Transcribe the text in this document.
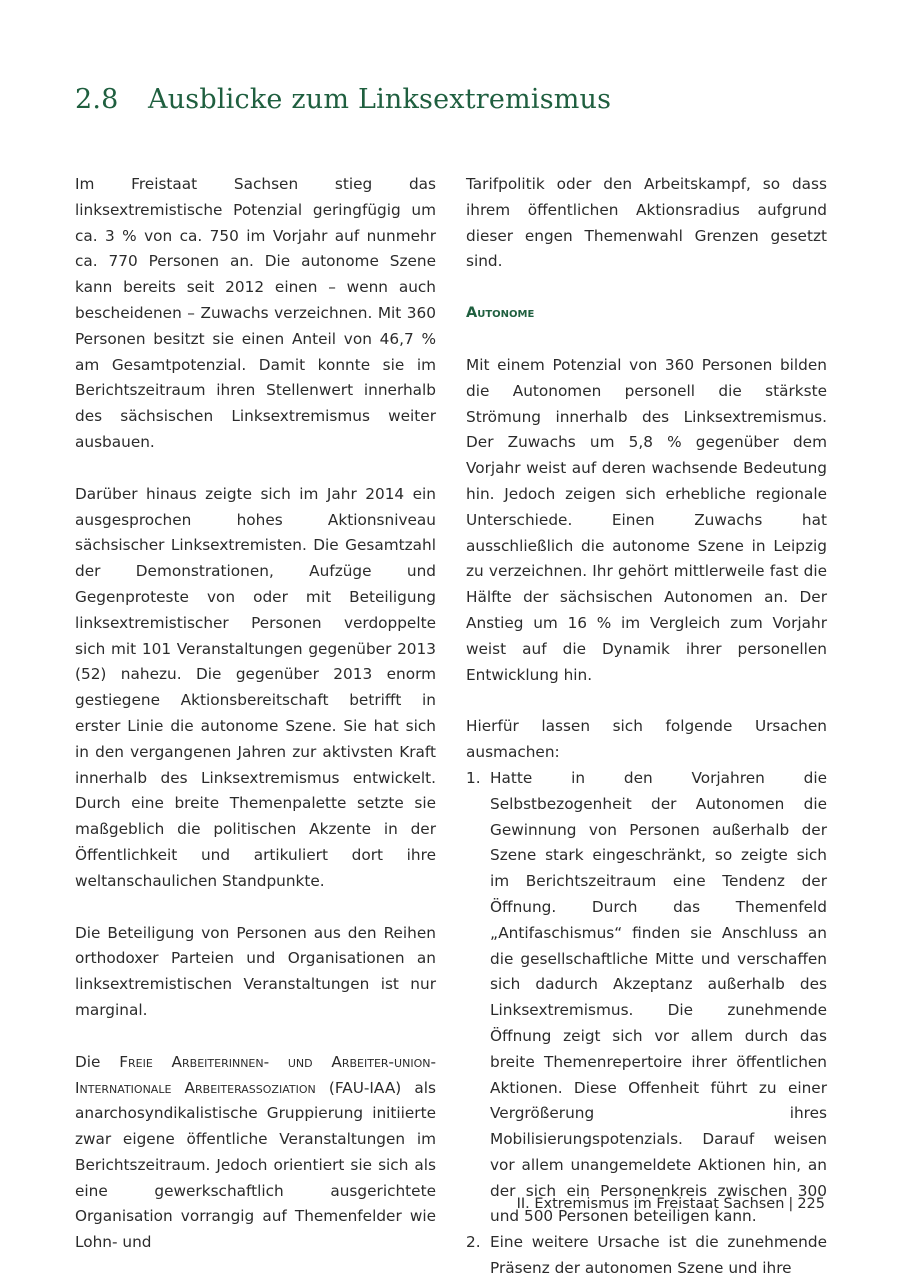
2.8 Ausblicke zum Linksextremismus

Im Freistaat Sachsen stieg das linksextremistische Potenzial geringfügig um ca. 3 % von ca. 750 im Vorjahr auf nunmehr ca. 770 Personen an. Die autonome Szene kann bereits seit 2012 einen – wenn auch bescheidenen – Zuwachs verzeichnen. Mit 360 Personen besitzt sie einen Anteil von 46,7 % am Gesamtpotenzial. Damit konnte sie im Berichtszeitraum ihren Stellenwert innerhalb des sächsischen Linksextremismus weiter ausbauen.

Darüber hinaus zeigte sich im Jahr 2014 ein ausgesprochen hohes Aktionsniveau sächsischer Linksextremisten. Die Gesamtzahl der Demonstrationen, Aufzüge und Gegenproteste von oder mit Beteiligung linksextremistischer Personen verdoppelte sich mit 101 Veranstaltungen gegenüber 2013 (52) nahezu. Die gegenüber 2013 enorm gestiegene Aktionsbereitschaft betrifft in erster Linie die autonome Szene. Sie hat sich in den vergangenen Jahren zur aktivsten Kraft innerhalb des Linksextremismus entwickelt. Durch eine breite Themenpalette setzte sie maßgeblich die politischen Akzente in der Öffentlichkeit und artikuliert dort ihre weltanschaulichen Standpunkte.

Die Beteiligung von Personen aus den Reihen orthodoxer Parteien und Organisationen an linksextremistischen Veranstaltungen ist nur marginal.

Die Freie Arbeiterinnen- und Arbeiter-union-Internationale Arbeiterassoziation (FAU-IAA) als anarchosyndikalistische Gruppierung initiierte zwar eigene öffentliche Veranstaltungen im Berichtszeitraum. Jedoch orientiert sie sich als eine gewerkschaftlich ausgerichtete Organisation vorrangig auf Themenfelder wie Lohn- und

Tarifpolitik oder den Arbeitskampf, so dass ihrem öffentlichen Aktionsradius aufgrund dieser engen Themenwahl Grenzen gesetzt sind.

Autonome

Mit einem Potenzial von 360 Personen bilden die Autonomen personell die stärkste Strömung innerhalb des Linksextremismus. Der Zuwachs um 5,8 % gegenüber dem Vorjahr weist auf deren wachsende Bedeutung hin. Jedoch zeigen sich erhebliche regionale Unterschiede. Einen Zuwachs hat ausschließlich die autonome Szene in Leipzig zu verzeichnen. Ihr gehört mittlerweile fast die Hälfte der sächsischen Autonomen an. Der Anstieg um 16 % im Vergleich zum Vorjahr weist auf die Dynamik ihrer personellen Entwicklung hin.

Hierfür lassen sich folgende Ursachen ausmachen:

1. Hatte in den Vorjahren die Selbstbezogenheit der Autonomen die Gewinnung von Personen außerhalb der Szene stark eingeschränkt, so zeigte sich im Berichtszeitraum eine Tendenz der Öffnung. Durch das Themenfeld „Antifaschismus“ finden sie Anschluss an die gesellschaftliche Mitte und verschaffen sich dadurch Akzeptanz außerhalb des Linksextremismus. Die zunehmende Öffnung zeigt sich vor allem durch das breite Themenrepertoire ihrer öffentlichen Aktionen. Diese Offenheit führt zu einer Vergrößerung ihres Mobilisierungspotenzials. Darauf weisen vor allem unangemeldete Aktionen hin, an der sich ein Personenkreis zwischen 300 und 500 Personen beteiligen kann.
2. Eine weitere Ursache ist die zunehmende Präsenz der autonomen Szene und ihre
II. Extremismus im Freistaat Sachsen | 225
